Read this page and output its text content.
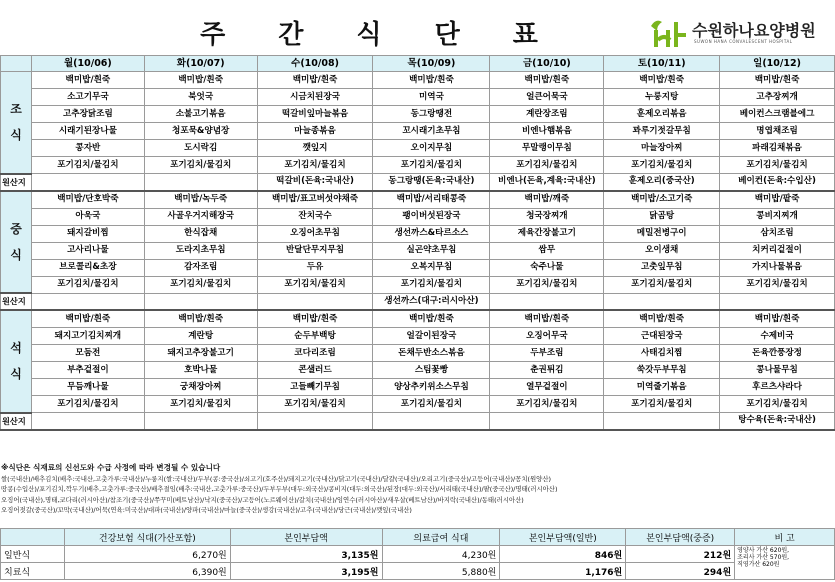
주 간 식 단 표	수원하나요양병원
SUWON HANA CONVALESCENT HOSPITAL
	월(10/06)	화(10/07)	수(10/08)	목(10/09)	금(10/10)	토(10/11)	일(10/12)

조
식	백미밥/흰죽	백미밥/흰죽	백미밥/흰죽	백미밥/흰죽	백미밥/흰죽	백미밥/흰죽	백미밥/흰죽
	소고기무국	북엇국	시금치된장국	미역국	얼큰어묵국	누룽지탕	고추장찌개
	고추장닭조림	소불고기볶음	떡갈비잎마늘볶음	동그랑땡전	계란장조림	훈제오리볶음	베이컨스크램블에그
	시래기된장나물	청포묵&양념장	마늘종볶음	꼬시래기초무침	비엔나햄볶음	꽈루기젓갈무침	명엽채조림
	콩자반	도시락김	깻잎지	오이지무침	무말랭이무침	마늘장아찌	파래김채볶음
	포기김치/물김치	포기김치/물김치	포기김치/물김치	포기김치/물김치	포기김치/물김치	포기김치/물김치	포기김치/물김치
원산지			떡갈비(돈육:국내산)	동그랑땡(돈육:국내산)	비엔나(돈육,계육:국내산)	훈제오리(중국산)	베이컨(돈육:수입산)

중
식	백미밥/단호박죽	백미밥/녹두죽	백미밥/표고버섯야채죽	백미밥/서리태콩죽	백미밥/깨죽	백미밥/소고기죽	백미밥/팥죽
	아욱국	사골우거지해장국	잔치국수	팽이버섯된장국	청국장찌개	닭곰탕	콩비지찌개
	돼지갈비찜	한식잡채	오징어초무침	생선까스&타르소스	제육간장불고기	메밀전병구이	삼치조림
	고사리나물	도라지초무침	반달단무지무침	실곤약초무침	쌈무	오이생채	치커리겉절이
	브로콜리&초장	감자조림	두유	오복지무침	숙주나물	고춧잎무침	가지나물볶음
	포기김치/물김치	포기김치/물김치	포기김치/물김치	포기김치/물김치	포기김치/물김치	포기김치/물김치	포기김치/물김치
원산지				생선까스(대구:러시아산)			

석
식	백미밥/흰죽	백미밥/흰죽	백미밥/흰죽	백미밥/흰죽	백미밥/흰죽	백미밥/흰죽	백미밥/흰죽
	돼지고기김치찌개	계란탕	순두부백탕	얼갈이된장국	오징어무국	근대된장국	수제비국
	모둠전	돼지고추장불고기	코다리조림	돈채두반소스볶음	두부조림	사태김치찜	돈육깐풍장정
	부추겉절이	호박나물	콘샐러드	스팀꽃빵	춘권튀김	쑥갓두부무침	콩나물무침
	무듬깨나물	궁채장아찌	고들빼기무침	양상추키위소스무침	열무겉절이	미역줄기볶음	후르츠샤라다
	포기김치/물김치	포기김치/물김치	포기김치/물김치	포기김치/물김치	포기김치/물김치	포기김치/물김치	포기김치/물김치
원산지							탕수육(돈육:국내산)
※식단은 식재료의 신선도와 수급 사정에 따라 변경될 수 있습니다
쌀(국내산)/배추김치(배추:국내산,고춧가루:국내산)/누룽지(쌀:국내산)/두부(콩:중국산)/쇠고기(호주산)/돼지고기(국내산)/닭고기(국내산)/달걀(국내산)/오리고기(중국산)/고등어(국내산)/꽁치(원양산)
땅콩(수입산)/포기김치,깍두기(배추,고춧가루:중국산)/배추절임(배추:국내산,고춧가루:중국산)/두부두부(대두:외국산)/콩비지(대두:외국산)/된장(대두:외국산)/서리태(국내산)/팥(중국산)/명태(러시아산)
오징어(국내산),명태,코다리(러시아산)/참조기(중국산)/쭈꾸미(베트남산)/낙지(중국산)/고등어(노르웨이산)/갈치(국내산)/임연수(러시아산)/새우살(베트남산)/바지락(국내산)/동태(러시아산)
오징어젓갈(중국산)/꼬막(국내산)/어묵(연육:미국산)/대파(국내산)/양파(국내산)/마늘(중국산)/생강(국내산)/고추(국내산)/당근(국내산)/깻잎(국내산)
	건강보험 식대(가산포함)	본인부담액	의료급여 식대	본인부담액(일반)	본인부담액(중증)	비 고
일반식	6,270원	3,135원	4,230원	846원	212원	영양사 가산 620원,
조리사 가산 570원,
직영가산 620원

치료식	6,390원	3,195원	5,880원	1,176원	294원	
